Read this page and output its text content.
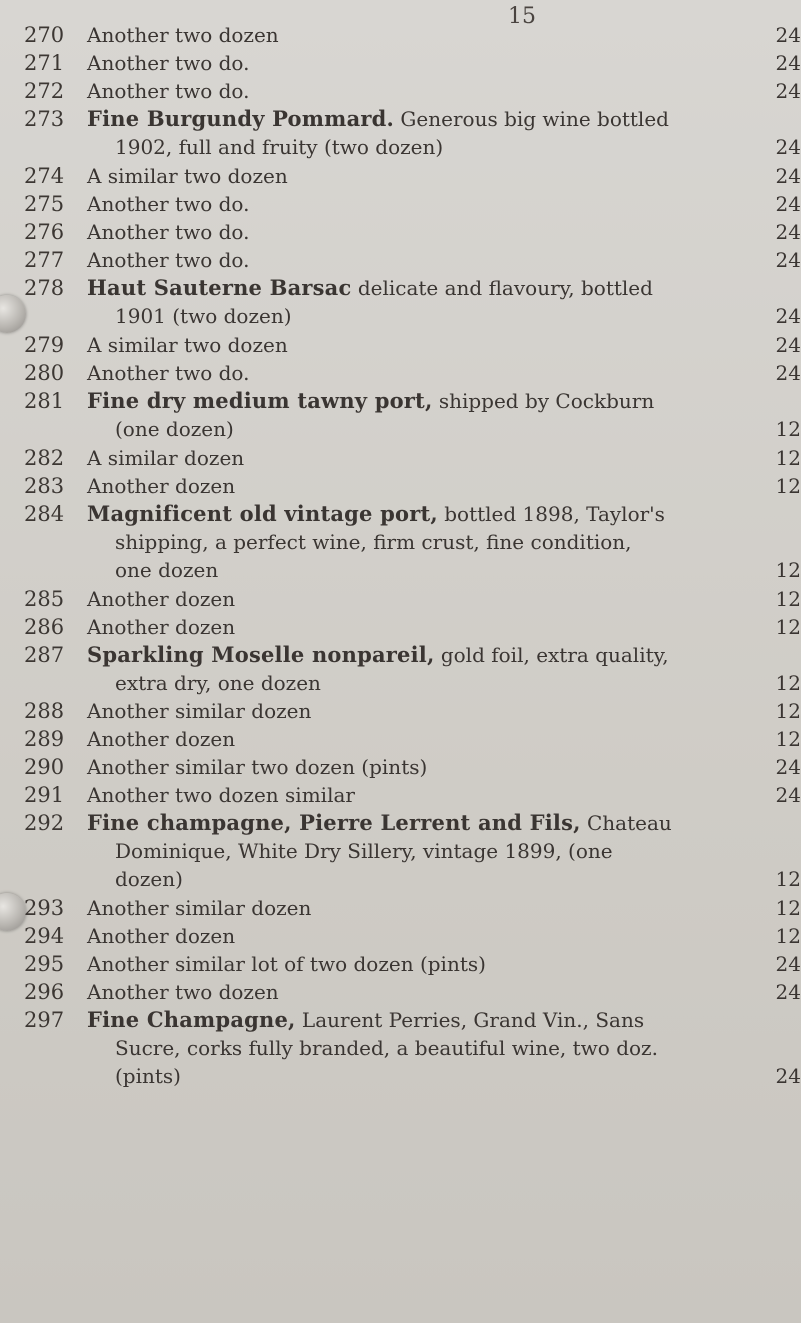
15
270	Another two dozen	24
271	Another two do.	24
272	Another two do.	24
273	Fine Burgundy Pommard. Generous big wine bottled
1902, full and fruity (two dozen)	24
274	A similar two dozen	24
275	Another two do.	24
276	Another two do.	24
277	Another two do.	24
278	Haut Sauterne Barsac delicate and flavoury, bottled
1901 (two dozen)	24
279	A similar two dozen	24
280	Another two do.	24
281	Fine dry medium tawny port, shipped by Cockburn
(one dozen)	12
282	A similar dozen	12
283	Another dozen	12
284	Magnificent old vintage port, bottled 1898, Taylor's
shipping, a perfect wine, firm crust, fine condition,
one dozen	12
285	Another dozen	12
286	Another dozen	12
287	Sparkling Moselle nonpareil, gold foil, extra quality,
extra dry, one dozen	12
288	Another similar dozen	12
289	Another dozen	12
290	Another similar two dozen (pints)	24
291	Another two dozen similar	24
292	Fine champagne, Pierre Lerrent and Fils, Chateau
Dominique, White Dry Sillery, vintage 1899, (one
dozen)	12
293	Another similar dozen	12
294	Another dozen	12
295	Another similar lot of two dozen (pints)	24
296	Another two dozen	24
297	Fine Champagne, Laurent Perries, Grand Vin., Sans
Sucre, corks fully branded, a beautiful wine, two doz.
(pints)	24
